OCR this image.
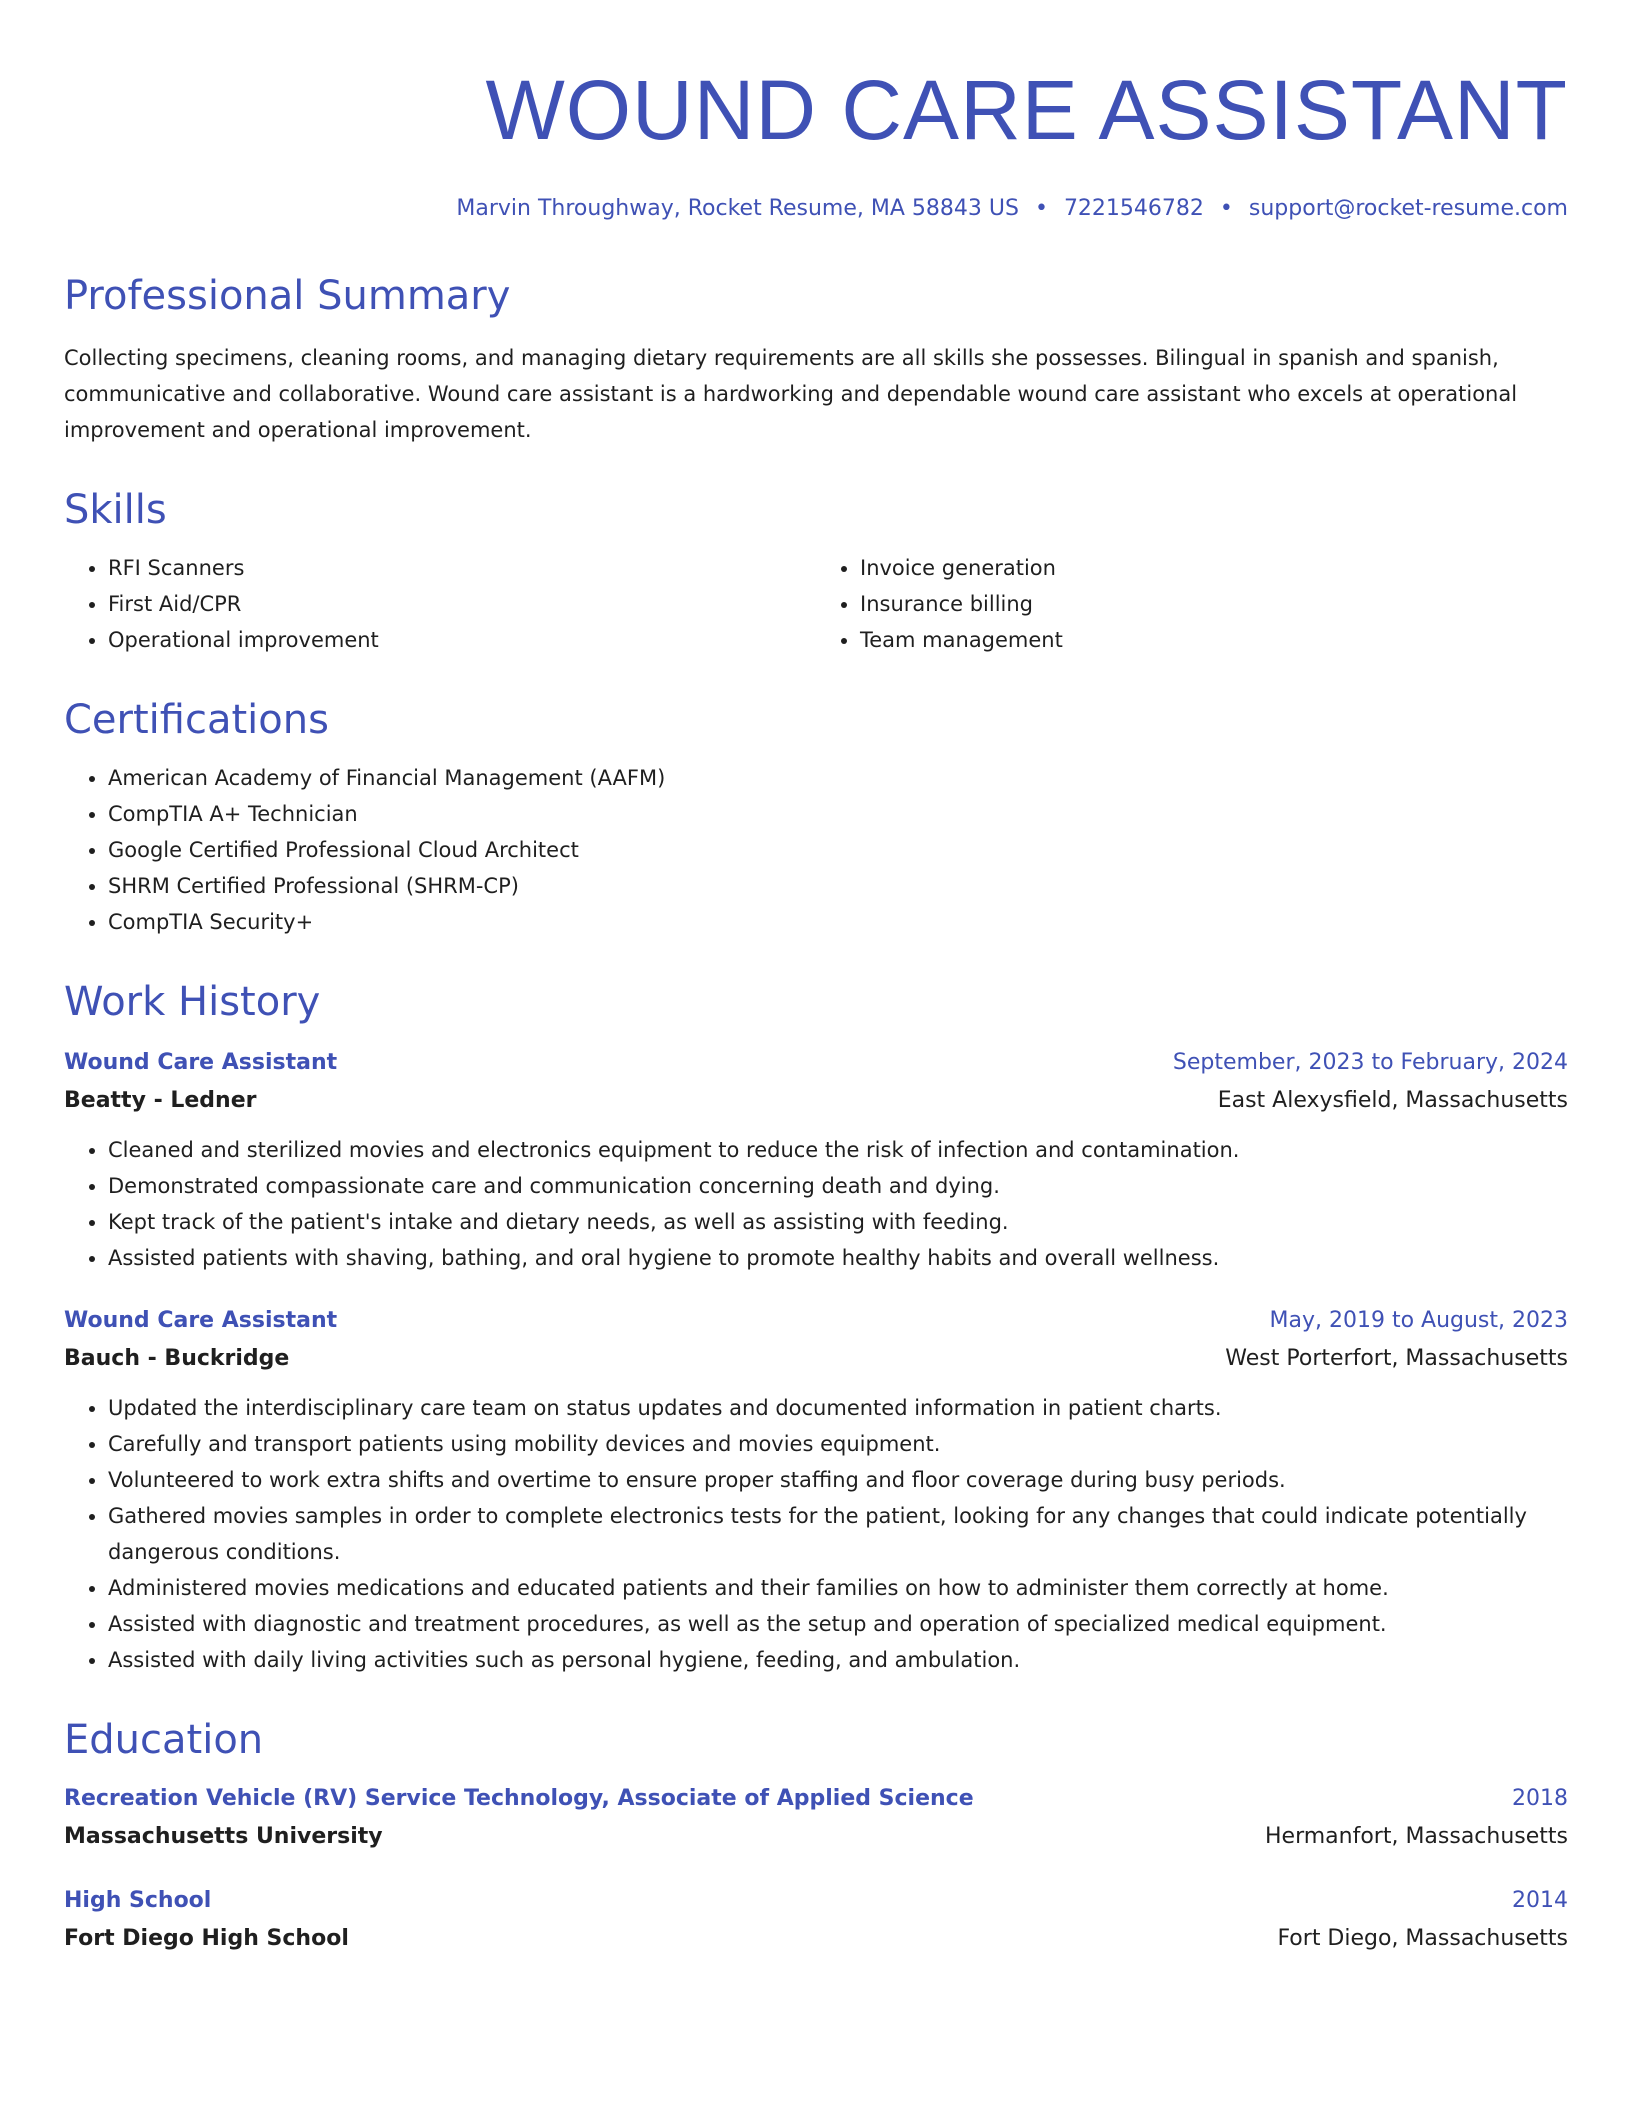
WOUND CARE ASSISTANT
Marvin Throughway, Rocket Resume, MA 58843 US • 7221546782 • support@rocket-resume.com
Professional Summary
Collecting specimens, cleaning rooms, and managing dietary requirements are all skills she possesses. Bilingual in spanish and spanish, communicative and collaborative. Wound care assistant is a hardworking and dependable wound care assistant who excels at operational improvement and operational improvement.
Skills
• RFI Scanners
• First Aid/CPR
• Operational improvement
• Invoice generation
• Insurance billing
• Team management
Certifications
• American Academy of Financial Management (AAFM)
• CompTIA A+ Technician
• Google Certified Professional Cloud Architect
• SHRM Certified Professional (SHRM-CP)
• CompTIA Security+
Work History
Wound Care Assistant	September, 2023 to February, 2024
Beatty - Ledner	East Alexysfield, Massachusetts
• Cleaned and sterilized movies and electronics equipment to reduce the risk of infection and contamination.
• Demonstrated compassionate care and communication concerning death and dying.
• Kept track of the patient's intake and dietary needs, as well as assisting with feeding.
• Assisted patients with shaving, bathing, and oral hygiene to promote healthy habits and overall wellness.
Wound Care Assistant	May, 2019 to August, 2023
Bauch - Buckridge	West Porterfort, Massachusetts
• Updated the interdisciplinary care team on status updates and documented information in patient charts.
• Carefully and transport patients using mobility devices and movies equipment.
• Volunteered to work extra shifts and overtime to ensure proper staffing and floor coverage during busy periods.
• Gathered movies samples in order to complete electronics tests for the patient, looking for any changes that could indicate potentially dangerous conditions.
• Administered movies medications and educated patients and their families on how to administer them correctly at home.
• Assisted with diagnostic and treatment procedures, as well as the setup and operation of specialized medical equipment.
• Assisted with daily living activities such as personal hygiene, feeding, and ambulation.
Education
Recreation Vehicle (RV) Service Technology, Associate of Applied Science	2018
Massachusetts University	Hermanfort, Massachusetts
High School	2014
Fort Diego High School	Fort Diego, Massachusetts
